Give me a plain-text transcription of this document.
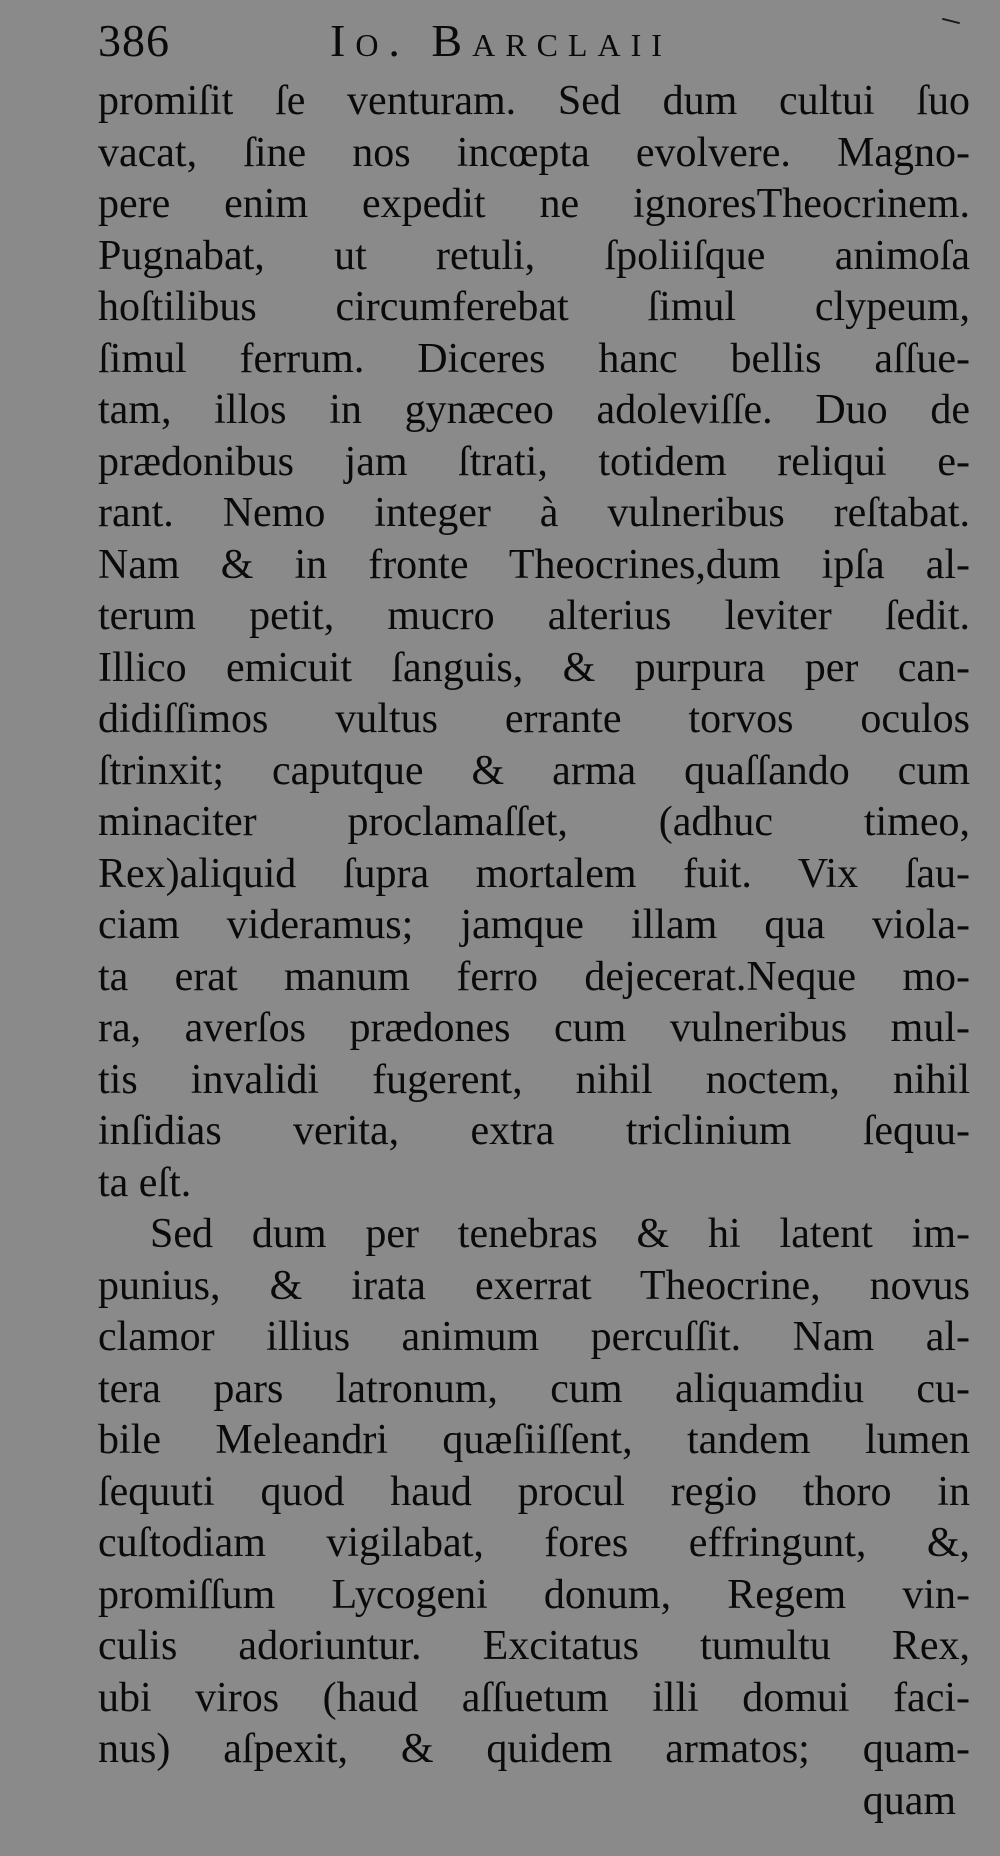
386	Io. Barclaii
promiſit ſe venturam. Sed dum cultui ſuo
vacat, ſine nos incœpta evolvere. Magno-
pere enim expedit ne ignoresTheocrinem.
Pugnabat, ut retuli, ſpoliiſque animoſa
hoſtilibus circumferebat ſimul clypeum,
ſimul ferrum. Diceres hanc bellis aſſue-
tam, illos in gynæceo adoleviſſe. Duo de
prædonibus jam ſtrati, totidem reliqui e-
rant. Nemo integer à vulneribus reſtabat.
Nam & in fronte Theocrines,dum ipſa al-
terum petit, mucro alterius leviter ſedit.
Illico emicuit ſanguis, & purpura per can-
didiſſimos vultus errante torvos oculos
ſtrinxit; caputque & arma quaſſando cum
minaciter proclamaſſet, (adhuc timeo,
Rex)aliquid ſupra mortalem fuit. Vix ſau-
ciam videramus; jamque illam qua viola-
ta erat manum ferro dejecerat.Neque mo-
ra, averſos prædones cum vulneribus mul-
tis invalidi fugerent, nihil noctem, nihil
inſidias verita, extra triclinium ſequu-
ta eſt.
Sed dum per tenebras & hi latent im-
punius, & irata exerrat Theocrine, novus
clamor illius animum percuſſit. Nam al-
tera pars latronum, cum aliquamdiu cu-
bile Meleandri quæſiiſſent, tandem lumen
ſequuti quod haud procul regio thoro in
cuſtodiam vigilabat, fores effringunt, &,
promiſſum Lycogeni donum, Regem vin-
culis adoriuntur. Excitatus tumultu Rex,
ubi viros (haud aſſuetum illi domui faci-
nus) aſpexit, & quidem armatos; quam-
quam
